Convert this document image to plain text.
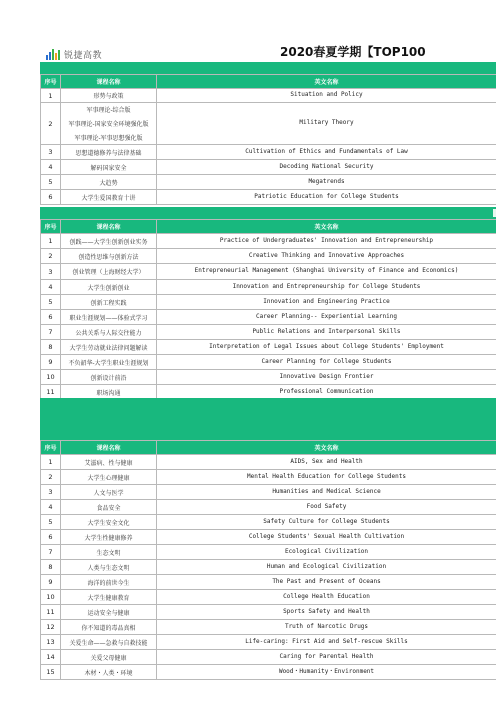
锐捷高教	2020春夏学期【TOP100
序号	课程名称	英文名称
1	形势与政策	Situation and Policy
2	军事理论-综合版	Military Theory
	军事理论-国家安全环境强化版	
	军事理论-军事思想强化版	
3	思想道德修养与法律基础	Cultivation of Ethics and Fundamentals of Law
4	解码国家安全	Decoding National Security
5	大趋势	Megatrends
6	大学生爱国教育十讲	Patriotic Education for College Students
序号	课程名称	英文名称
1	创践——大学生创新创业实务	Practice of Undergraduates' Innovation and Entrepreneurship
2	创造性思维与创新方法	Creative Thinking and Innovative Approaches
3	创业管理（上海财经大学）	Entrepreneurial Management (Shanghai University of Finance and Economics)
4	大学生创新创业	Innovation and Entrepreneurship for College Students
5	创新工程实践	Innovation and Engineering Practice
6	职业生涯规划——体验式学习	Career Planning-- Experiential Learning
7	公共关系与人际交往能力	Public Relations and Interpersonal Skills
8	大学生劳动就业法律问题解读	Interpretation of Legal Issues about College Students' Employment
9	不负韶华-大学生职业生涯规划	Career Planning for College Students
10	创新设计前沿	Innovative Design Frontier
11	职场沟通	Professional Communication
序号	课程名称	英文名称
1	艾滋病、性与健康	AIDS, Sex and Health
2	大学生心理健康	Mental Health Education for College Students
3	人文与医学	Humanities and Medical Science
4	食品安全	Food Safety
5	大学生安全文化	Safety Culture for College Students
6	大学生性健康修养	College Students' Sexual Health Cultivation
7	生态文明	Ecological Civilization
8	人类与生态文明	Human and Ecological Civilization
9	海洋的前世今生	The Past and Present of Oceans
10	大学生健康教育	College Health Education
11	运动安全与健康	Sports Safety and Health
12	你不知道的毒品真相	Truth of Narcotic Drugs
13	关爱生命——急救与自救技能	Life-caring: First Aid and Self-rescue Skills
14	关爱父母健康	Caring for Parental Health
15	木材・人类・环境	Wood・Humanity・Environment
